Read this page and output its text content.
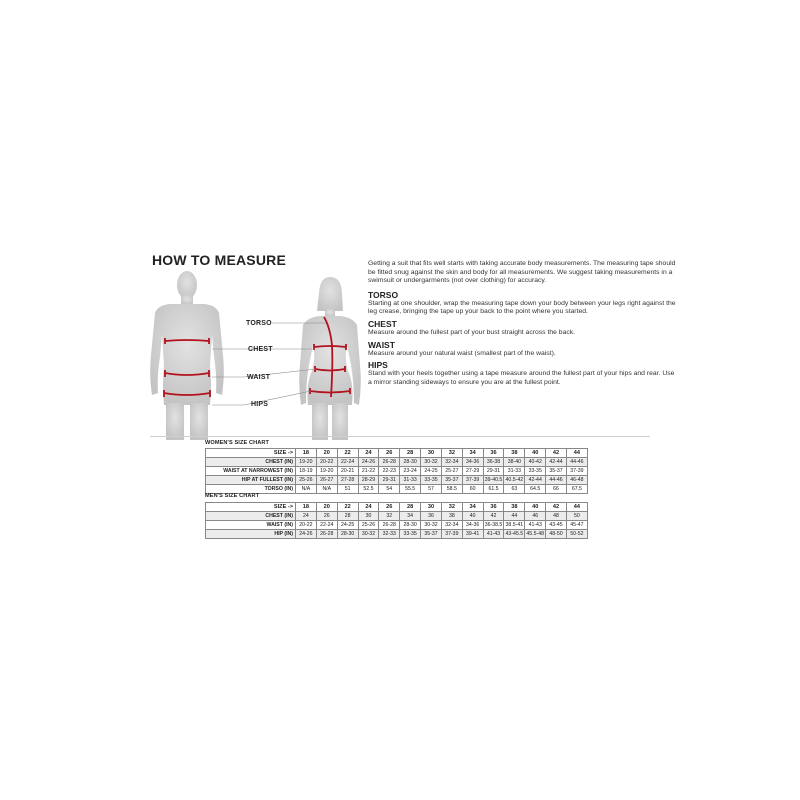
HOW TO MEASURE
TORSO
CHEST
WAIST
HIPS

Getting a suit that fits well starts with taking accurate body measurements. The measuring tape should be fitted snug against the skin and body for all measurements. We suggest taking measurements in a swimsuit or undergarments (not over clothing) for accuracy.

TORSO

Starting at one shoulder, wrap the measuring tape down your body between your legs right against the leg crease, bringing the tape up your back to the point where you started.

CHEST

Measure around the fullest part of your bust straight across the back.

WAIST

Measure around your natural waist (smallest part of the waist).

HIPS

Stand with your heels together using a tape measure around the fullest part of your hips and rear. Use a mirror standing sideways to ensure you are at the fullest point.

WOMEN'S SIZE CHART
SIZE ->	18	20	22	24	26	28	30	32	34	36	38	40	42	44
CHEST (IN)	19-20	20-22	22-24	24-26	26-28	28-30	30-32	32-34	34-36	36-38	38-40	40-42	42-44	44-46
WAIST AT NARROWEST (IN)	18-19	19-20	20-21	21-22	22-23	23-24	24-25	25-27	27-29	29-31	31-33	33-35	35-37	37-39
HIP AT FULLEST (IN)	25-26	26-27	27-28	28-29	29-31	31-33	33-35	35-37	37-39	39-40.5	40.5-42	42-44	44-46	46-48
TORSO (IN)	N/A	N/A	51	52.5	54	55.5	57	58.5	60	61.5	63	64.5	66	67.5
MEN'S SIZE CHART
SIZE ->	18	20	22	24	26	28	30	32	34	36	38	40	42	44
CHEST (IN)	24	26	28	30	32	34	36	38	40	42	44	46	48	50
WAIST (IN)	20-22	22-24	24-25	25-26	26-28	28-30	30-32	32-34	34-36	36-38.5	38.5-41	41-43	43-45	45-47
HIP (IN)	24-26	26-28	28-30	30-32	32-33	33-35	35-37	37-39	39-41	41-43	43-45.5	45.5-48	48-50	50-52
